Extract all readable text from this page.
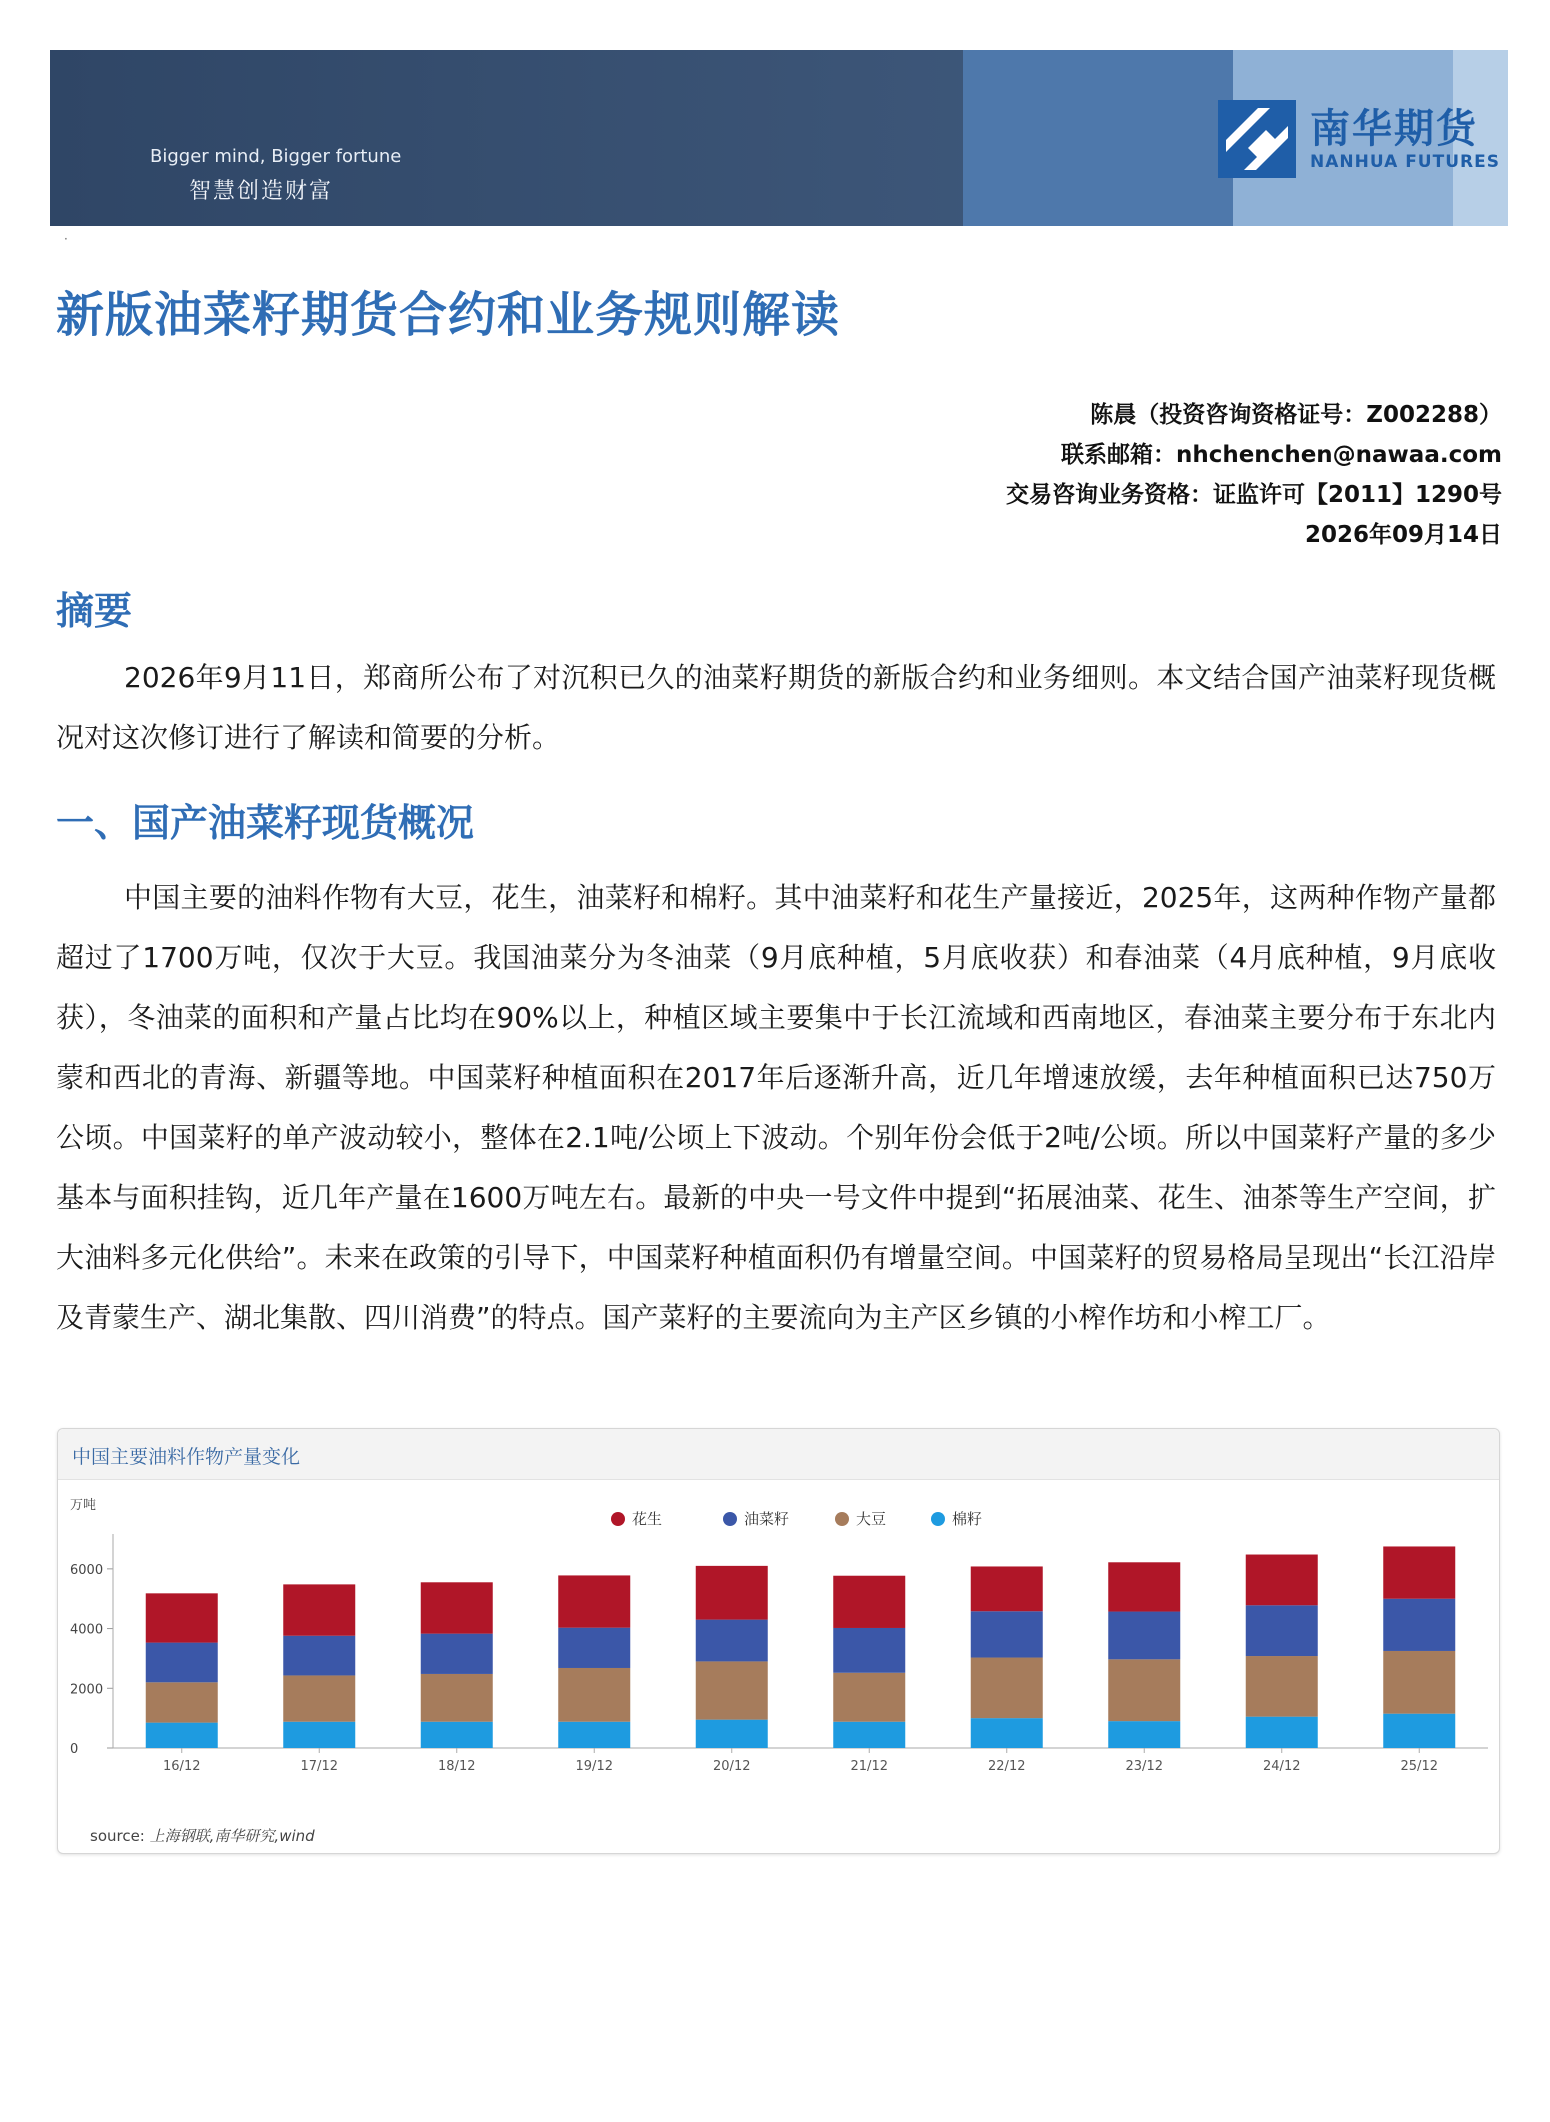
Bigger mind, Bigger fortune
智慧创造财富
南华期货
NANHUA FUTURES
·
新版油菜籽期货合约和业务规则解读
陈晨（投资咨询资格证号：Z002288）
联系邮箱：nhchenchen@nawaa.com
交易咨询业务资格：证监许可【2011】1290号
2026年09月14日
摘要

2026年9月11日，郑商所公布了对沉积已久的油菜籽期货的新版合约和业务细则。本文结合国产油菜籽现货概况对这次修订进行了解读和简要的分析。

一、国产油菜籽现货概况

中国主要的油料作物有大豆，花生，油菜籽和棉籽。其中油菜籽和花生产量接近，2025年，这两种作物产量都超过了1700万吨，仅次于大豆。我国油菜分为冬油菜（9月底种植，5月底收获）和春油菜（4月底种植，9月底收获），冬油菜的面积和产量占比均在90%以上，种植区域主要集中于长江流域和西南地区，春油菜主要分布于东北内蒙和西北的青海、新疆等地。中国菜籽种植面积在2017年后逐渐升高，近几年增速放缓，去年种植面积已达750万公顷。中国菜籽的单产波动较小，整体在2.1吨/公顷上下波动。个别年份会低于2吨/公顷。所以中国菜籽产量的多少基本与面积挂钩，近几年产量在1600万吨左右。最新的中央一号文件中提到“拓展油菜、花生、油茶等生产空间，扩大油料多元化供给”。未来在政策的引导下，中国菜籽种植面积仍有增量空间。中国菜籽的贸易格局呈现出“长江沿岸及青蒙生产、湖北集散、四川消费”的特点。国产菜籽的主要流向为主产区乡镇的小榨作坊和小榨工厂。

中国主要油料作物产量变化
万吨
0
2000
4000
6000
花生	油菜籽	大豆	棉籽
16/12	17/12	18/12	19/12	20/12	21/12	22/12	23/12	24/12	25/12
source: 上海钢联,南华研究,wind
